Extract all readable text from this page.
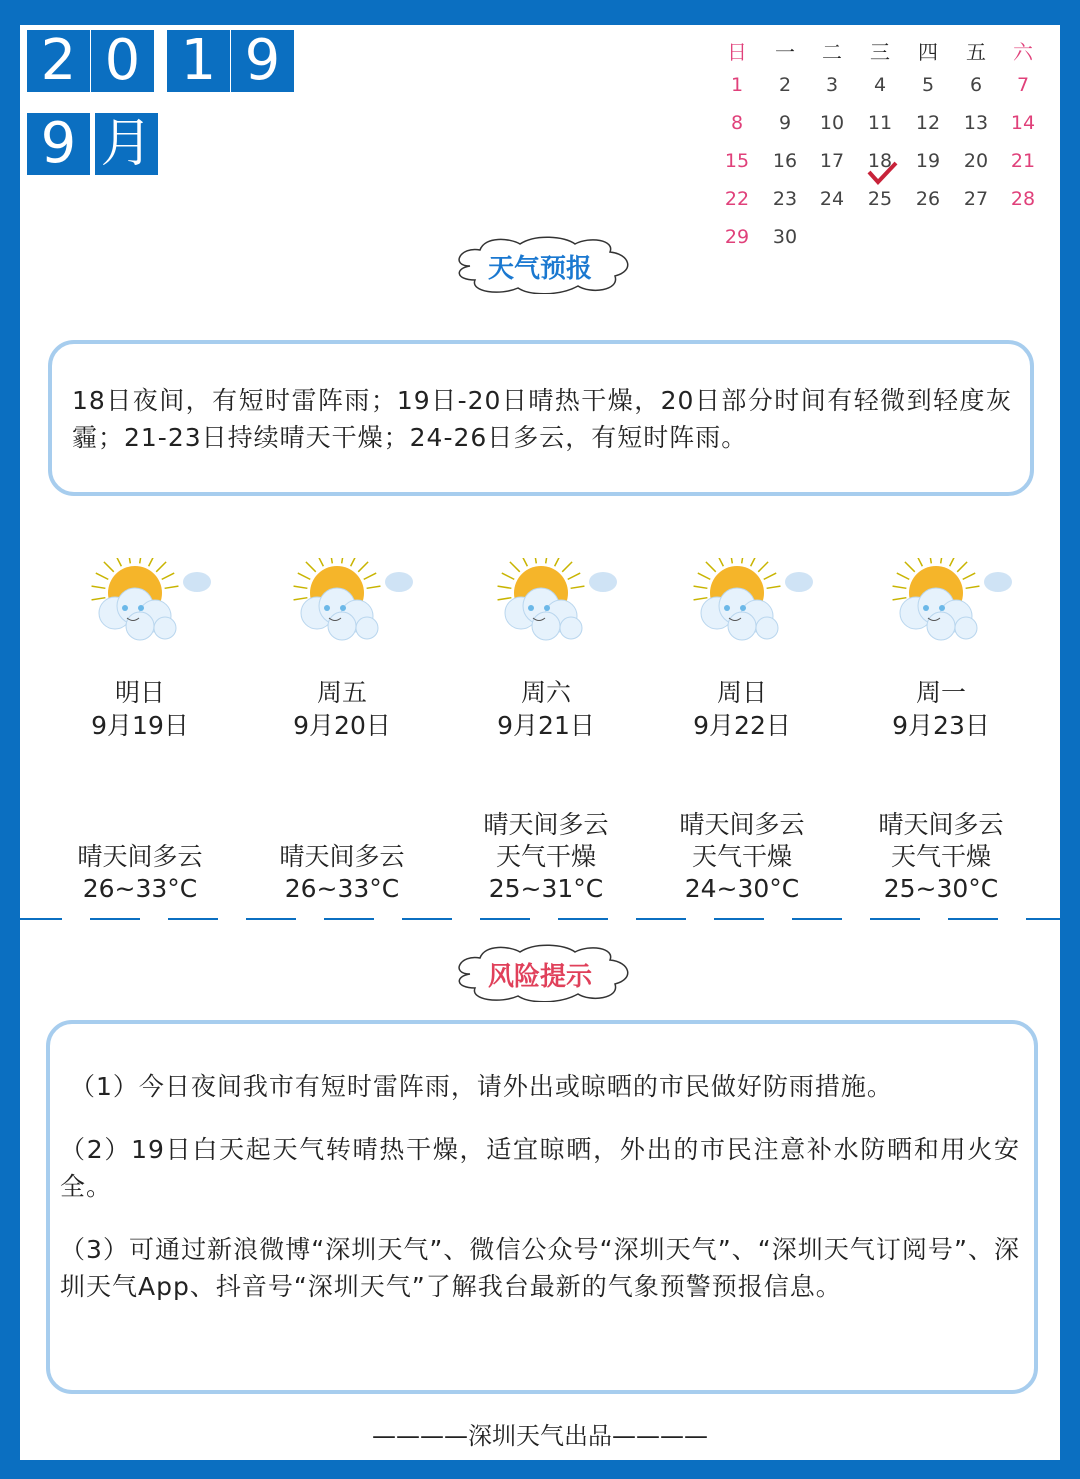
2 0 1 9
9 月
日	一	二	三	四	五	六
1	2	3	4	5	6	7
8	9	10	11	12	13	14
15	16	17	18	19	20	21
22	23	24	25	26	27	28
29	30
天气预报
风险提示
18日夜间，有短时雷阵雨；19日-20日晴热干燥，20日部分时间有轻微到轻度灰霾；21-23日持续晴天干燥；24-26日多云，有短时阵雨。
明日
9月19日
晴天间多云
26~33°C
周五
9月20日
晴天间多云
26~33°C
周六
9月21日
晴天间多云
天气干燥
25~31°C
周日
9月22日
晴天间多云
天气干燥
24~30°C
周一
9月23日
晴天间多云
天气干燥
25~30°C
（1）今日夜间我市有短时雷阵雨，请外出或晾晒的市民做好防雨措施。
（2）19日白天起天气转晴热干燥，适宜晾晒，外出的市民注意补水防晒和用火安全。
（3）可通过新浪微博“深圳天气”、微信公众号“深圳天气”、“深圳天气订阅号”、深圳天气App、抖音号“深圳天气”了解我台最新的气象预警预报信息。
————深圳天气出品————
